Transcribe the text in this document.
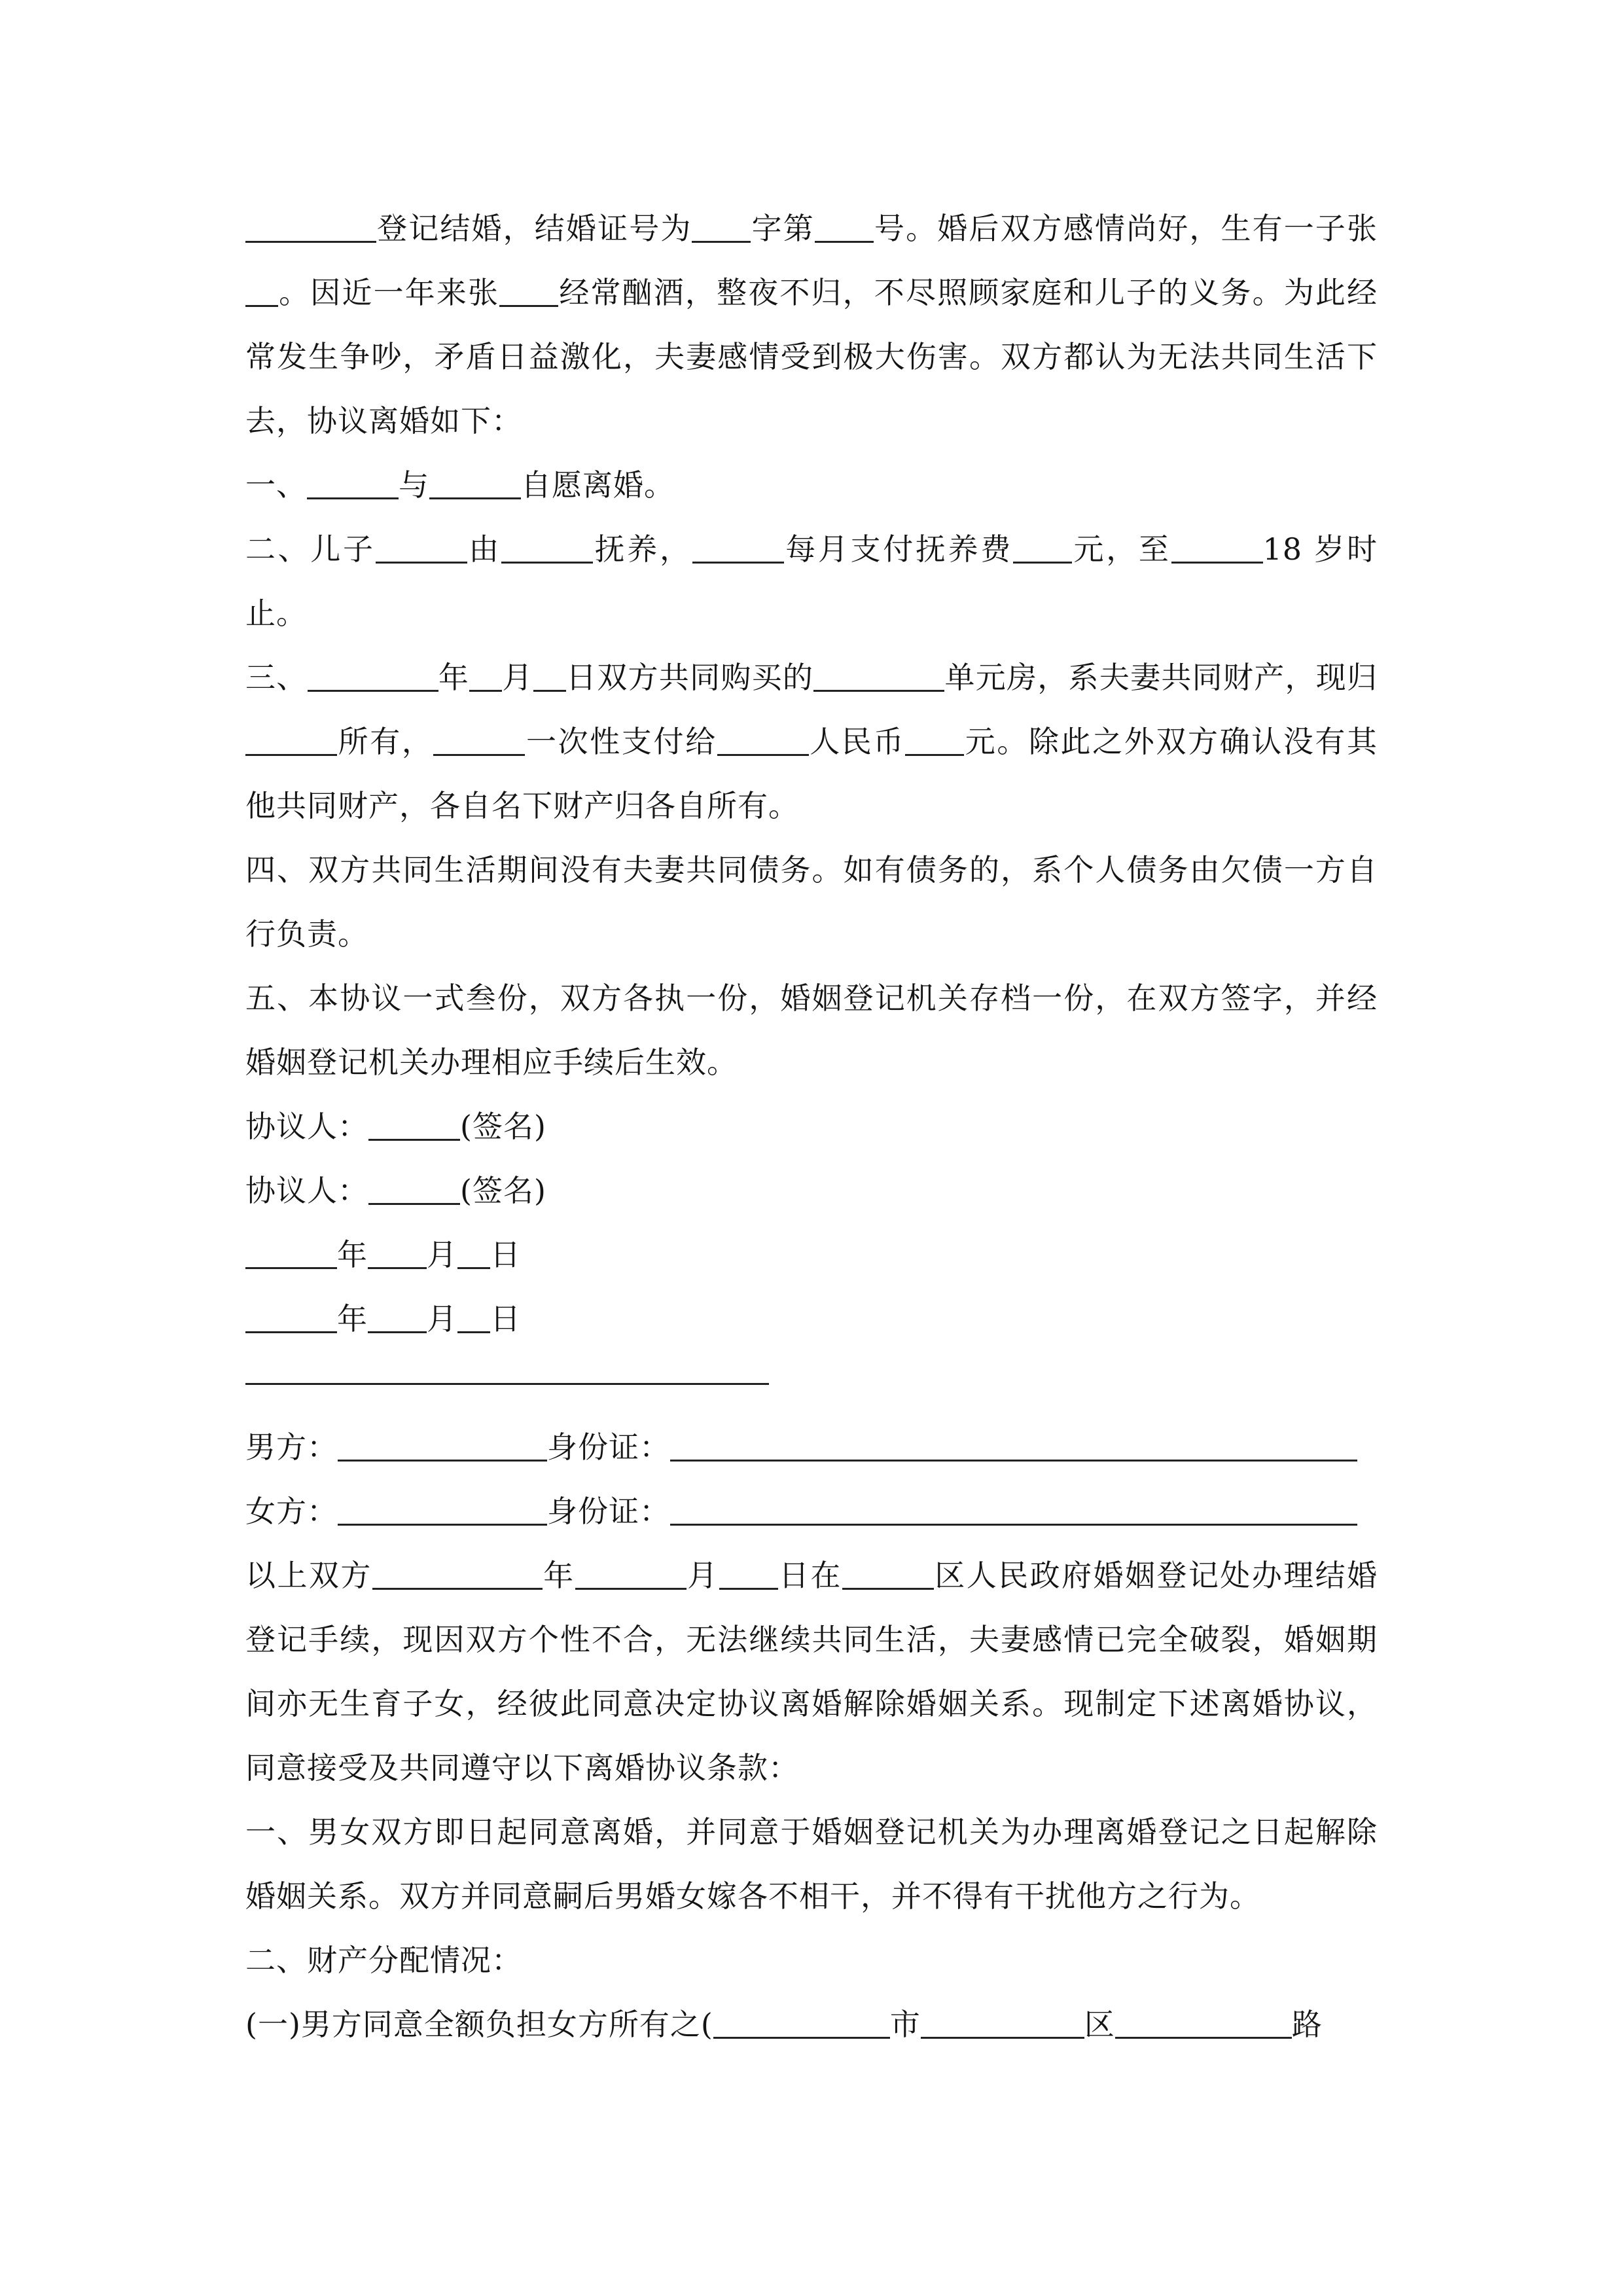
登记结婚，结婚证号为 字第 号。婚后双方感情尚好，生有一子张。因近一年来张 经常酗酒，整夜不归，不尽照顾家庭和儿子的义务。为此经常发生争吵，矛盾日益激化，夫妻感情受到极大伤害。双方都认为无法共同生活下去，协议离婚如下：

一、	与	自愿离婚。

二、儿子	由	抚养，	每月支付抚养费 元，至	18 岁时止。

三、	年 月 日双方共同购买的	单元房，系夫妻共同财产，现归所有，	一次性支付给	人民币 元。除此之外双方确认没有其他共同财产，各自名下财产归各自所有。

四、双方共同生活期间没有夫妻共同债务。如有债务的，系个人债务由欠债一方自行负责。

五、本协议一式叁份，双方各执一份，婚姻登记机关存档一份，在双方签字，并经婚姻登记机关办理相应手续后生效。

协议人：	(签名)

协议人：	(签名)

年 月 日

年 月 日

男方：	身份证：

女方：	身份证：

以上双方	年	月 日在	区人民政府婚姻登记处办理结婚登记手续，现因双方个性不合，无法继续共同生活，夫妻感情已完全破裂，婚姻期间亦无生育子女，经彼此同意决定协议离婚解除婚姻关系。现制定下述离婚协议，同意接受及共同遵守以下离婚协议条款：

一、男女双方即日起同意离婚，并同意于婚姻登记机关为办理离婚登记之日起解除婚姻关系。双方并同意嗣后男婚女嫁各不相干，并不得有干扰他方之行为。

二、财产分配情况：

(一)男方同意全额负担女方所有之(	市	区	路
